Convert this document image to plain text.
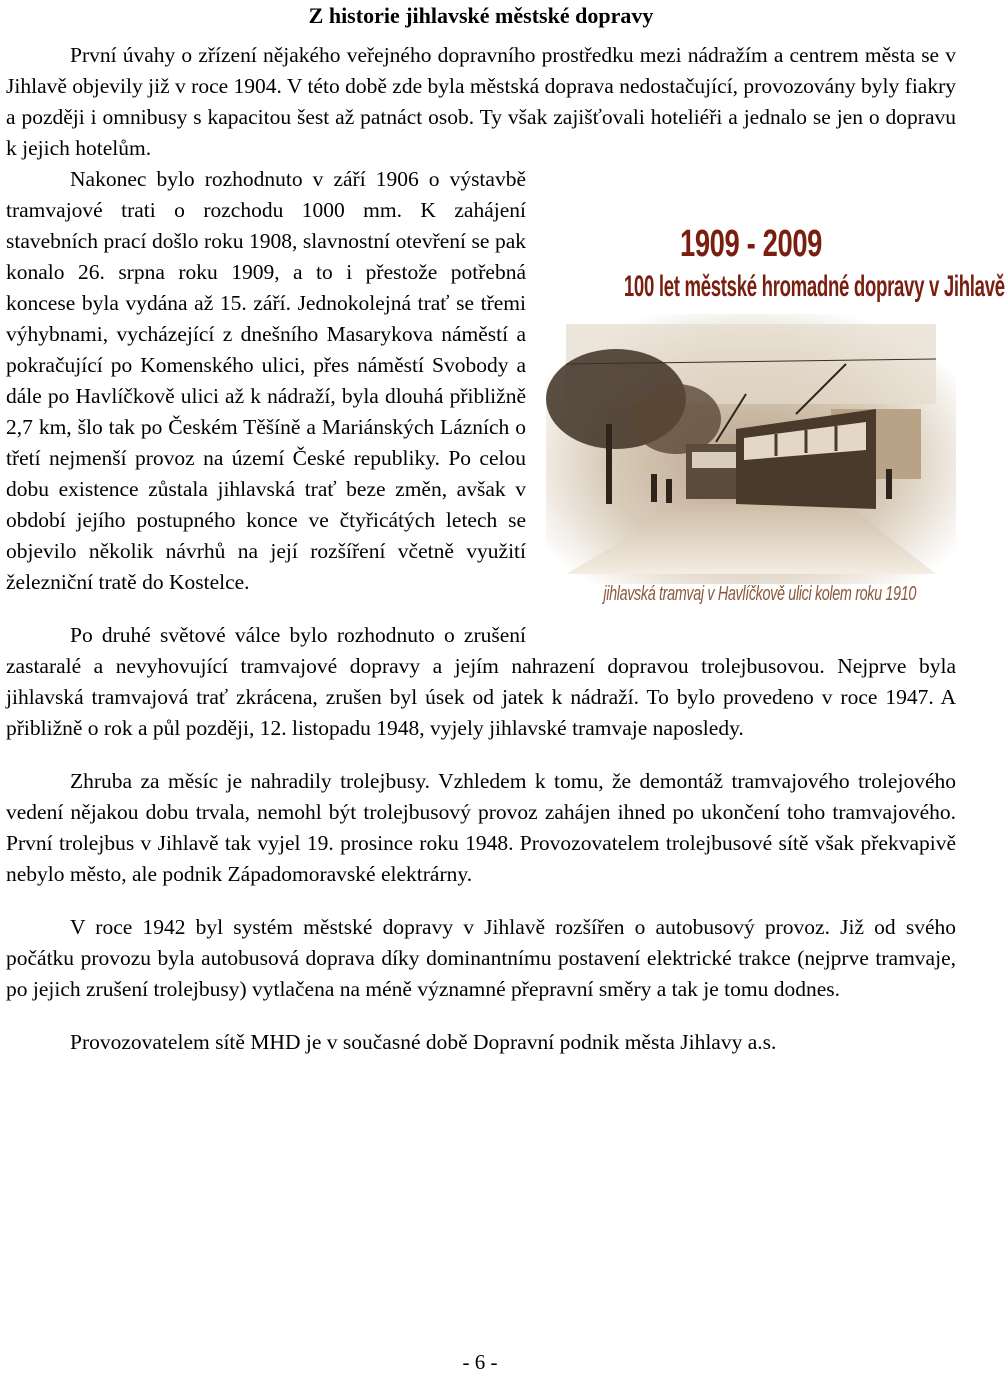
Z historie jihlavské městské dopravy

První úvahy o zřízení nějakého veřejného dopravního prostředku mezi nádražím a centrem města se v Jihlavě objevily již v roce 1904. V této době zde byla městská doprava nedostačující, provozovány byly fiakry a později i omnibusy s kapacitou šest až patnáct osob. Ty však zajišťovali hoteliéři a jednalo se jen o dopravu k jejich hotelům.

1909 - 2009
100 let městské hromadné dopravy v Jihlavě
jihlavská tramvaj v Havlíčkově ulici kolem roku 1910

Nakonec bylo rozhodnuto v září 1906 o výstavbě tramvajové trati o rozchodu 1000 mm. K zahájení stavebních prací došlo roku 1908, slavnostní otevření se pak konalo 26. srpna roku 1909, a to i přestože potřebná koncese byla vydána až 15. září. Jednokolejná trať se třemi výhybnami, vycházející z dnešního Masarykova náměstí a pokračující po Komenského ulici, přes náměstí Svobody a dále po Havlíčkově ulici až k nádraží, byla dlouhá přibližně 2,7 km, šlo tak po Českém Těšíně a Mariánských Lázních o třetí nejmenší provoz na území České republiky. Po celou dobu existence zůstala jihlavská trať beze změn, avšak v období jejího postupného konce ve čtyřicátých letech se objevilo několik návrhů na její rozšíření včetně využití železniční tratě do Kostelce.

Po druhé světové válce bylo rozhodnuto o zrušení zastaralé a nevyhovující tramvajové dopravy a jejím nahrazení dopravou trolejbusovou. Nejprve byla jihlavská tramvajová trať zkrácena, zrušen byl úsek od jatek k nádraží. To bylo provedeno v roce 1947. A přibližně o rok a půl později, 12. listopadu 1948, vyjely jihlavské tramvaje naposledy.

Zhruba za měsíc je nahradily trolejbusy. Vzhledem k tomu, že demontáž tramvajového trolejového vedení nějakou dobu trvala, nemohl být trolejbusový provoz zahájen ihned po ukončení toho tramvajového. První trolejbus v Jihlavě tak vyjel 19. prosince roku 1948. Provozovatelem trolejbusové sítě však překvapivě nebylo město, ale podnik Západomoravské elektrárny.

V roce 1942 byl systém městské dopravy v Jihlavě rozšířen o autobusový provoz. Již od svého počátku provozu byla autobusová doprava díky dominantnímu postavení elektrické trakce (nejprve tramvaje, po jejich zrušení trolejbusy) vytlačena na méně významné přepravní směry a tak je tomu dodnes.

Provozovatelem sítě MHD je v současné době Dopravní podnik města Jihlavy a.s.

- 6 -
